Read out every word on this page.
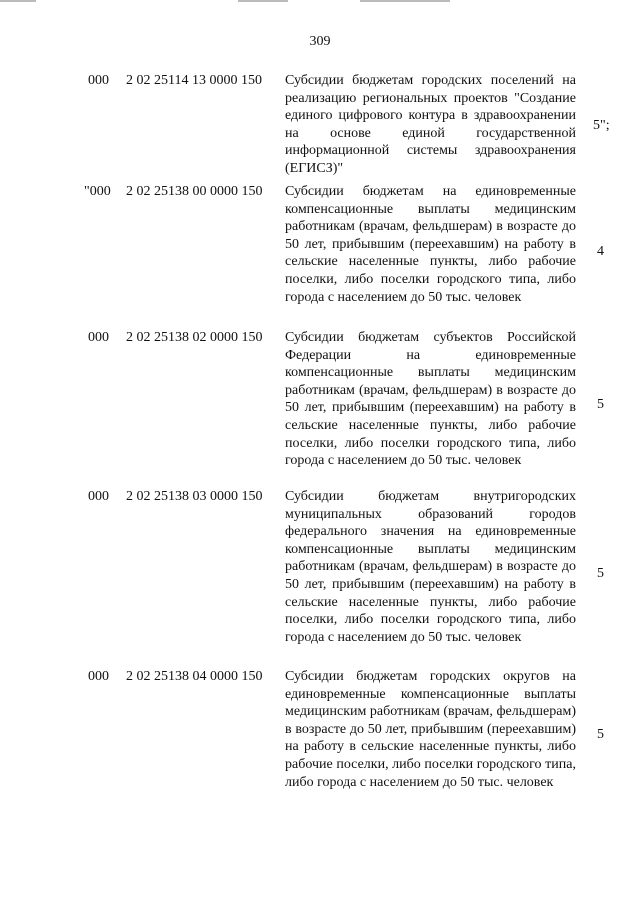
309
000 2 02 25114 13 0000 150 Субсидии бюджетам городских поселений на реализацию региональных проектов "Создание единого цифрового контура в здравоохранении на основе единой государственной информационной системы здравоохранения (ЕГИСЗ)"
5";
"000 2 02 25138 00 0000 150 Субсидии бюджетам на единовременные компенсационные выплаты медицинским работникам (врачам, фельдшерам) в возрасте до 50 лет, прибывшим (переехавшим) на работу в сельские населенные пункты, либо рабочие поселки, либо поселки городского типа, либо города с населением до 50 тыс. человек
4
000 2 02 25138 02 0000 150 Субсидии бюджетам субъектов Российской Федерации на единовременные компенсационные выплаты медицинским работникам (врачам, фельдшерам) в возрасте до 50 лет, прибывшим (переехавшим) на работу в сельские населенные пункты, либо рабочие поселки, либо поселки городского типа, либо города с населением до 50 тыс. человек
5
000 2 02 25138 03 0000 150 Субсидии бюджетам внутригородских муниципальных образований городов федерального значения на единовременные компенсационные выплаты медицинским работникам (врачам, фельдшерам) в возрасте до 50 лет, прибывшим (переехавшим) на работу в сельские населенные пункты, либо рабочие поселки, либо поселки городского типа, либо города с населением до 50 тыс. человек
5
000 2 02 25138 04 0000 150 Субсидии бюджетам городских округов на единовременные компенсационные выплаты медицинским работникам (врачам, фельдшерам) в возрасте до 50 лет, прибывшим (переехавшим) на работу в сельские населенные пункты, либо рабочие поселки, либо поселки городского типа, либо города с населением до 50 тыс. человек
5
